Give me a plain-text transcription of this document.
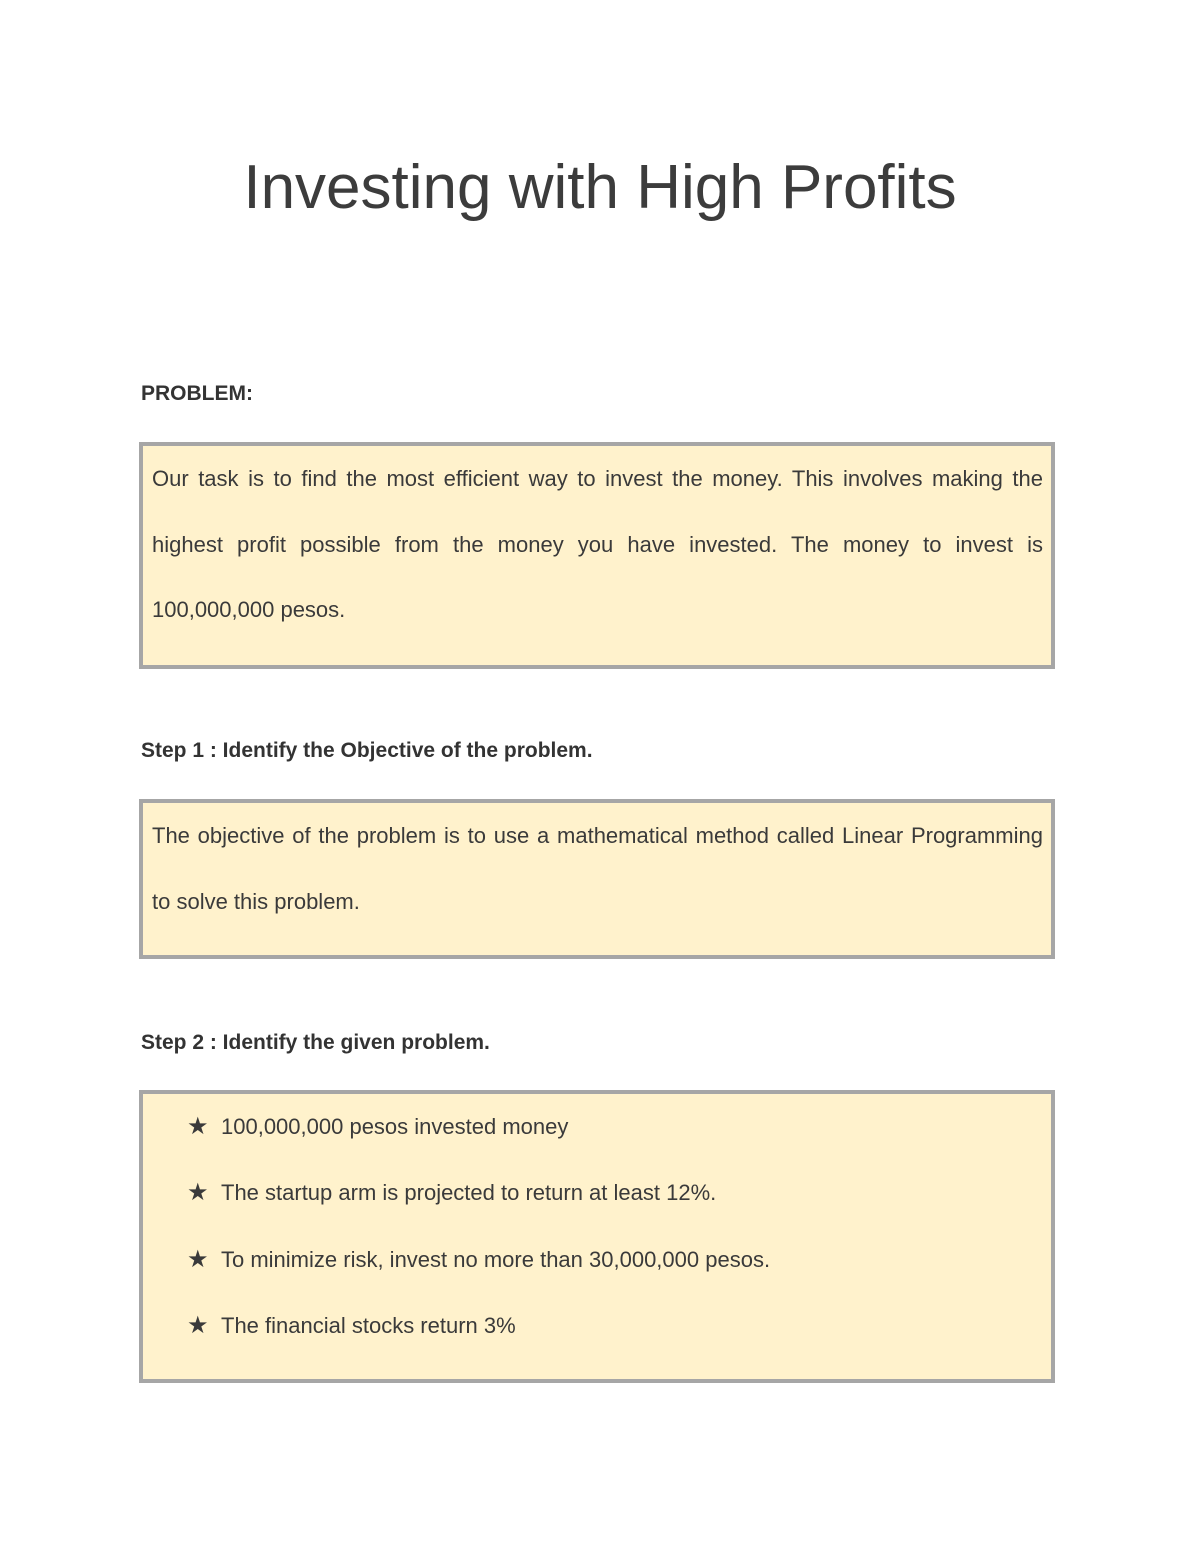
Investing with High Profits
PROBLEM:

Our task is to find the most efficient way to invest the money. This involves making the highest profit possible from the money you have invested. The money to invest is 100,000,000 pesos.

Step 1 : Identify the Objective of the problem.

The objective of the problem is to use a mathematical method called Linear Programming to solve this problem.

Step 2 : Identify the given problem.
★ 100,000,000 pesos invested money
★ The startup arm is projected to return at least 12%.
★ To minimize risk, invest no more than 30,000,000 pesos.
★ The financial stocks return 3%
